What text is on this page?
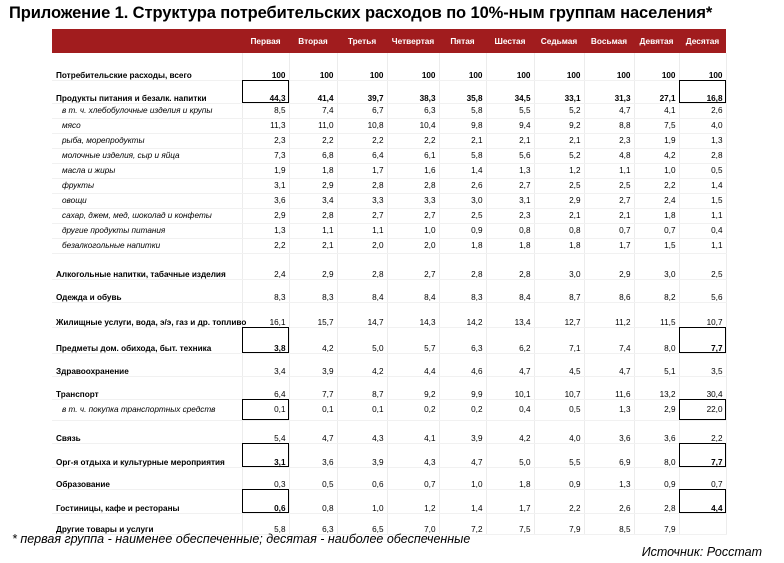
Приложение 1. Структура потребительских расходов по 10%-ным группам населения*
	Первая	Вторая	Третья	Четвертая	Пятая	Шестая	Седьмая	Восьмая	Девятая	Десятая
Потребительские расходы, всего	100	100	100	100	100	100	100	100	100	100
Продукты питания и безалк. напитки	44,3	41,4	39,7	38,3	35,8	34,5	33,1	31,3	27,1	16,8
в т. ч. хлебобулочные изделия и крупы	8,5	7,4	6,7	6,3	5,8	5,5	5,2	4,7	4,1	2,6
мясо	11,3	11,0	10,8	10,4	9,8	9,4	9,2	8,8	7,5	4,0
рыба, морепродукты	2,3	2,2	2,2	2,2	2,1	2,1	2,1	2,3	1,9	1,3
молочные изделия, сыр и яйца	7,3	6,8	6,4	6,1	5,8	5,6	5,2	4,8	4,2	2,8
масла и жиры	1,9	1,8	1,7	1,6	1,4	1,3	1,2	1,1	1,0	0,5
фрукты	3,1	2,9	2,8	2,8	2,6	2,7	2,5	2,5	2,2	1,4
овощи	3,6	3,4	3,3	3,3	3,0	3,1	2,9	2,7	2,4	1,5
сахар, джем, мед, шоколад и конфеты	2,9	2,8	2,7	2,7	2,5	2,3	2,1	2,1	1,8	1,1
другие продукты питания	1,3	1,1	1,1	1,0	0,9	0,8	0,8	0,7	0,7	0,4
безалкогольные напитки	2,2	2,1	2,0	2,0	1,8	1,8	1,8	1,7	1,5	1,1
Алкогольные напитки, табачные изделия	2,4	2,9	2,8	2,7	2,8	2,8	3,0	2,9	3,0	2,5
Одежда и обувь	8,3	8,3	8,4	8,4	8,3	8,4	8,7	8,6	8,2	5,6
Жилищные услуги, вода, э/э, газ и др. топливо	16,1	15,7	14,7	14,3	14,2	13,4	12,7	11,2	11,5	10,7
Предметы дом. обихода, быт. техника	3,8	4,2	5,0	5,7	6,3	6,2	7,1	7,4	8,0	7,7
Здравоохранение	3,4	3,9	4,2	4,4	4,6	4,7	4,5	4,7	5,1	3,5
Транспорт	6,4	7,7	8,7	9,2	9,9	10,1	10,7	11,6	13,2	30,4
в т. ч. покупка транспортных средств	0,1	0,1	0,1	0,2	0,2	0,4	0,5	1,3	2,9	22,0
Связь	5,4	4,7	4,3	4,1	3,9	4,2	4,0	3,6	3,6	2,2
Орг-я отдыха и культурные мероприятия	3,1	3,6	3,9	4,3	4,7	5,0	5,5	6,9	8,0	7,7
Образование	0,3	0,5	0,6	0,7	1,0	1,8	0,9	1,3	0,9	0,7
Гостиницы, кафе и рестораны	0,6	0,8	1,0	1,2	1,4	1,7	2,2	2,6	2,8	4,4
Другие товары и услуги	5,8	6,3	6,5	7,0	7,2	7,5	7,9	8,5	7,9	
* первая группа - наименее обеспеченные; десятая - наиболее обеспеченные
Источник: Росстат
